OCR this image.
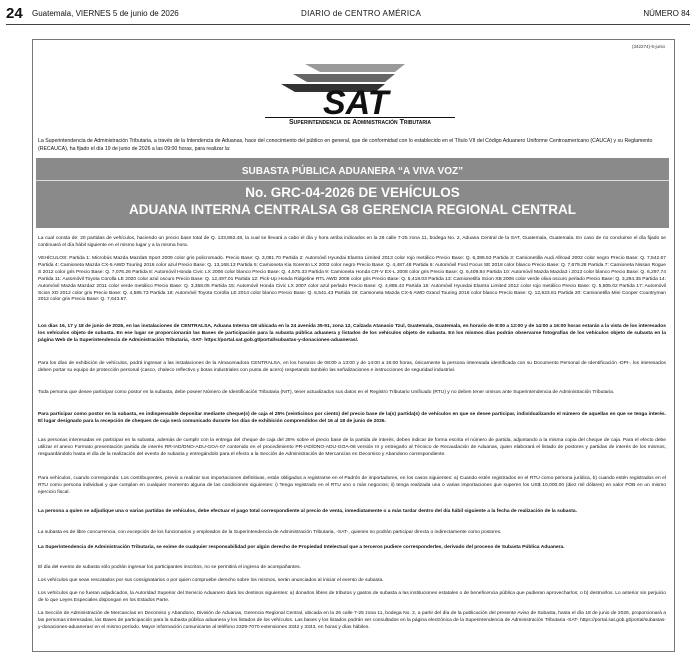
24 Guatemala, VIERNES 5 de junio de 2026	DIARIO de CENTRO AMÉRICA	NÚMERO 84
(342274)-5-junio
SAT
Superintendencia de Administración Tributaria
La Superintendencia de Administración Tributaria, a través de la Intendencia de Aduanas, hace del conocimiento del público en general, que de conformidad con lo establecido en el Título VII del Código Aduanero Uniforme Centroamericano (CAUCA) y su Reglamento (RECAUCA), ha fijado el día 19 de junio de 2026 a las 09:00 horas, para realizar la:
SUBASTA PÚBLICA ADUANERA “A VIVA VOZ”
No. GRC-04-2026 DE VEHÍCULOS
ADUANA INTERNA CENTRALSA G8 GERENCIA REGIONAL CENTRAL
La cual consta de: 20 partidas de vehículos, haciendo un precio base total de Q. 133,862.48, la cual se llevará a cabo el día y hora arriba indicados en la 26 calle 7-25 zona 11, bodega No. 2, Aduana Central de la SAT, Guatemala, Guatemala. En caso de no concluirse el día fijado se continuará el día hábil siguiente en el mismo lugar y a la misma hora.
VEHÍCULOS: Partida 1: Microbús Mazda Mazda5 Sport 2009 color gris policromado. Precio Base: Q. 3,081.70 Partida 2: Automóvil Hyundai Elantra Limited 2013 color rojo metálico Precio Base: Q. 6,385.53 Partida 3: Camionetilla Audi Allroad 2002 color negro Precio Base: Q. 7,542.67 Partida 4: Camioneta Mazda CX-5 AWD Touring 2016 color azul Precio Base: Q. 13,168.13 Partida 5: Camioneta Kia Sorento LX 2003 color negro Precio Base: Q. 4,487.48 Partida 6: Automóvil Ford Focus SE 2018 color blanco Precio Base: Q. 7,679.28 Partida 7: Camioneta Nissan Rogue S 2012 color gris Precio Base: Q. 7,076.26 Partida 8: Automóvil Honda Civic LX 2006 color blanco Precio Base: Q. 4,575.33 Partida 9: Camioneta Honda CR-V EX-L 2008 color gris Precio Base: Q. 6,409.84 Partida 10: Automóvil Mazda Mazda3 i 2013 color blanco Precio Base: Q. 6,297.74 Partida 11: Automóvil Toyota Corolla LE 2020 color azul oscuro Precio Base: Q. 12,497.01 Partida 12: Pick-Up Honda Ridgeline RTL AWD 2006 color gris Precio Base: Q. 5,418.03 Partida 13: Camionetilla Scion XB 2006 color verde oliva oscuro perlado Precio Base: Q. 3,294.35 Partida 14: Automóvil Mazda Mazda2 2011 color verde metálico Precio Base: Q. 3,358.05 Partida 15: Automóvil Honda Civic LX 2007 color azul perlado Precio Base: Q. 4,885.43 Partida 16: Automóvil Hyundai Elantra Limited 2012 color rojo metálico Precio Base: Q. 5,805.02 Partida 17: Automóvil Scion XD 2012 color gris Precio Base: Q. 4,585.73 Partida 18: Automóvil Toyota Corolla LE 2014 color blanco Precio Base: Q. 6,541.43 Partida 19: Camioneta Mazda CX-5 AWD Grand Touring 2016 color blanco Precio Base: Q. 12,623.81 Partida 20: Camionetilla Mini Cooper Countryman 2012 color gris Precio Base: Q. 7,643.67.
Los días 16, 17 y 18 de junio de 2026, en las instalaciones de CENTRALSA, Aduana Interna G8 ubicada en la 24 avenida 35-91, zona 12, Calzada Atanasio Tzul, Guatemala, Guatemala, en horario de 8:00 a 12:00 y de 14:00 a 16:00 horas estarán a la vista de los interesados los vehículos objeto de subasta. En ese lugar se proporcionarán las Bases de participación para la subasta pública aduanera y listados de los vehículos objeto de subasta. En los mismos días podrán observarse fotografías de los vehículos objeto de subasta en la página Web de la Superintendencia de Administración Tributaria, -SAT- https://portal.sat.gob.gt/portal/subastas-y-donaciones-aduaneras/.
Para los días de exhibición de vehículos, podrá ingresar a las instalaciones de la Almacenadora CENTRALSA, en los horarios de 08:00 a 13:00 y de 14:00 a 16:00 horas, únicamente la persona interesada identificada con su Documento Personal de Identificación -DPI-, los interesados deben portar su equipo de protección personal (casco, chaleco reflectivo y botas industriales con punta de acero) respetando también las señalizaciones e instrucciones de seguridad industrial.
Toda persona que desee participar como postor en la subasta, debe poseer Número de Identificación Tributaria (NIT), tener actualizados sus datos en el Registro Tributario Unificado (RTU) y no deben tener omisos ante Superintendencia de Administración Tributaria.
Para participar como postor en la subasta, es indispensable depositar mediante cheque(s) de caja el 25% (veinticinco por ciento) del precio base de la(s) partida(s) de vehículos en que se desee participar, individualizando el número de aquellas en que se tenga interés. El lugar designado para la recepción de cheques de caja será comunicado durante los días de exhibición comprendidos del 16 al 18 de junio de 2026.
Las personas interesadas en participar en la subasta, además de cumplir con la entrega del cheque de caja del 25% sobre el precio base de la partida de interés, deben indicar de forma escrita el número de partida, adjuntando a la misma copia del cheque de caja. Para el efecto debe utilizar el anexo Formato presentación partida de interés RR-IAD/DNO-ADU-GOA-07 contenido en el procedimiento PR-IAD/DNO-ADU-GOA-06 versión III y entregarlo al Técnico de Recaudación de Aduanas, quien elaborará el listado de postores y partidas de interés de los mismos, resguardándolo hasta el día de la realización del evento de subasta y entregándolo para el efecto a la Sección de Administración de Mercancías en Decomiso y Abandono correspondiente.
Para vehículos, cuando corresponda: Los contribuyentes, previo a realizar sus importaciones definitivas, están obligados a registrarse en el Padrón de importadores, en los casos siguientes: a) Cuando estén registrados en el RTU como persona jurídica, b) cuando estén registrados en el RTU como persona individual y que cumplan en cualquier momento alguna de las condiciones siguientes: i) Tenga registrado en el RTU uno o más negocios; ii) tenga realizada una o varias importaciones que superen los US$ 10,000.00 (diez mil dólares) en valor FOB en un mismo ejercicio fiscal.
La persona a quien se adjudique una o varias partidas de vehículos, debe efectuar el pago total correspondiente al precio de venta, inmediatamente o a más tardar dentro del día hábil siguiente a la fecha de realización de la subasta.
La subasta es de libre concurrencia, con excepción de los funcionarios y empleados de la Superintendencia de Administración Tributaria, -SAT-, quienes no podrán participar directa o indirectamente como postores.
La Superintendencia de Administración Tributaria, se exime de cualquier responsabilidad por algún derecho de Propiedad Intelectual que a terceros pudiere corresponderles, derivado del proceso de Subasta Pública Aduanera.
El día del evento de subasta sólo podrán ingresar los participantes inscritos, no se permitirá el ingreso de acompañantes.
Los vehículos que sean rescatados por sus consignatarios o por quien compruebe derecho sobre los mismos, serán anunciados al iniciar el evento de subasta.
Los vehículos que no fueran adjudicados, la Autoridad Superior del Servicio Aduanero dará los destinos siguientes: a) donarlos libres de tributos y gastos de subasta a las instituciones estatales o de beneficencia pública que pudieran aprovecharlos; o b) destruirlos. Lo anterior sin perjuicio de lo que Leyes Especiales dispongan en los Estados Parte.
La Sección de Administración de Mercancías en Decomiso y Abandono, División de Aduanas, Gerencia Regional Central, ubicada en la 26 calle 7-25 zona 11, bodega No. 2, a partir del día de la publicación del presente Aviso de Subasta, hasta el día 18 de junio de 2026, proporcionará a las personas interesadas, las Bases de participación para la subasta pública aduanera y los listados de los vehículos. Las bases y los listados podrán ser consultados en la página electrónica de la Superintendencia de Administración Tributaria -SAT- https://portal.sat.gob.gt/portal/subastas-y-donaciones-aduaneras/ en el mismo período. Mayor información comunicarse al teléfono 2329-7070 extensiones 3342 y 3343, en horas y días hábiles.
